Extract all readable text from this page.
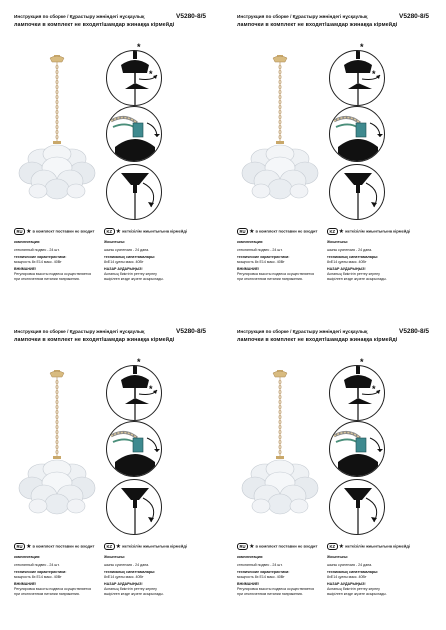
Инструкция по сборке / Құрастыру жөніндегі нұсқаулық	V5280-8/5
лампочки в комплект не входят/шамдар жинаққа кірмейді
*
*
RU ★в комплект поставки не входит	KZ ★жеткізілім жиынтығына кірмейді

комплектация:

стеклянный подвес - 24 шт.

технические характеристики:
мощность 8х E14 макс. 40Вт

ВНИМАНИЕ!
Регулировка высоты подвеса осуществляется
при отключенном питании напряжения.

Жиынтығы:

шыны суспензия - 24 дана.

техникалық сипаттамалары:
8хE14 қуаты макс. 40Вт

НАЗАР АУДАРЫҢЫЗ!
Аспаның биіктігін реттеу кернеу
өшірілген кезде жүзеге асырылады.

Инструкция по сборке / Құрастыру жөніндегі нұсқаулық	V5280-8/5
лампочки в комплект не входят/шамдар жинаққа кірмейді
*
*
RU ★в комплект поставки не входит	KZ ★жеткізілім жиынтығына кірмейді

комплектация:

стеклянный подвес - 24 шт.

технические характеристики:
мощность 8х E14 макс. 40Вт

ВНИМАНИЕ!
Регулировка высоты подвеса осуществляется
при отключенном питании напряжения.

Жиынтығы:

шыны суспензия - 24 дана.

техникалық сипаттамалары:
8хE14 қуаты макс. 40Вт

НАЗАР АУДАРЫҢЫЗ!
Аспаның биіктігін реттеу кернеу
өшірілген кезде жүзеге асырылады.

Инструкция по сборке / Құрастыру жөніндегі нұсқаулық	V5280-8/5
лампочки в комплект не входят/шамдар жинаққа кірмейді
*
*
RU ★в комплект поставки не входит	KZ ★жеткізілім жиынтығына кірмейді

комплектация:

стеклянный подвес - 24 шт.

технические характеристики:
мощность 8х E14 макс. 40Вт

ВНИМАНИЕ!
Регулировка высоты подвеса осуществляется
при отключенном питании напряжения.

Жиынтығы:

шыны суспензия - 24 дана.

техникалық сипаттамалары:
8хE14 қуаты макс. 40Вт

НАЗАР АУДАРЫҢЫЗ!
Аспаның биіктігін реттеу кернеу
өшірілген кезде жүзеге асырылады.

Инструкция по сборке / Құрастыру жөніндегі нұсқаулық	V5280-8/5
лампочки в комплект не входят/шамдар жинаққа кірмейді
*
*
RU ★в комплект поставки не входит	KZ ★жеткізілім жиынтығына кірмейді

комплектация:

стеклянный подвес - 24 шт.

технические характеристики:
мощность 8х E14 макс. 40Вт

ВНИМАНИЕ!
Регулировка высоты подвеса осуществляется
при отключенном питании напряжения.

Жиынтығы:

шыны суспензия - 24 дана.

техникалық сипаттамалары:
8хE14 қуаты макс. 40Вт

НАЗАР АУДАРЫҢЫЗ!
Аспаның биіктігін реттеу кернеу
өшірілген кезде жүзеге асырылады.
